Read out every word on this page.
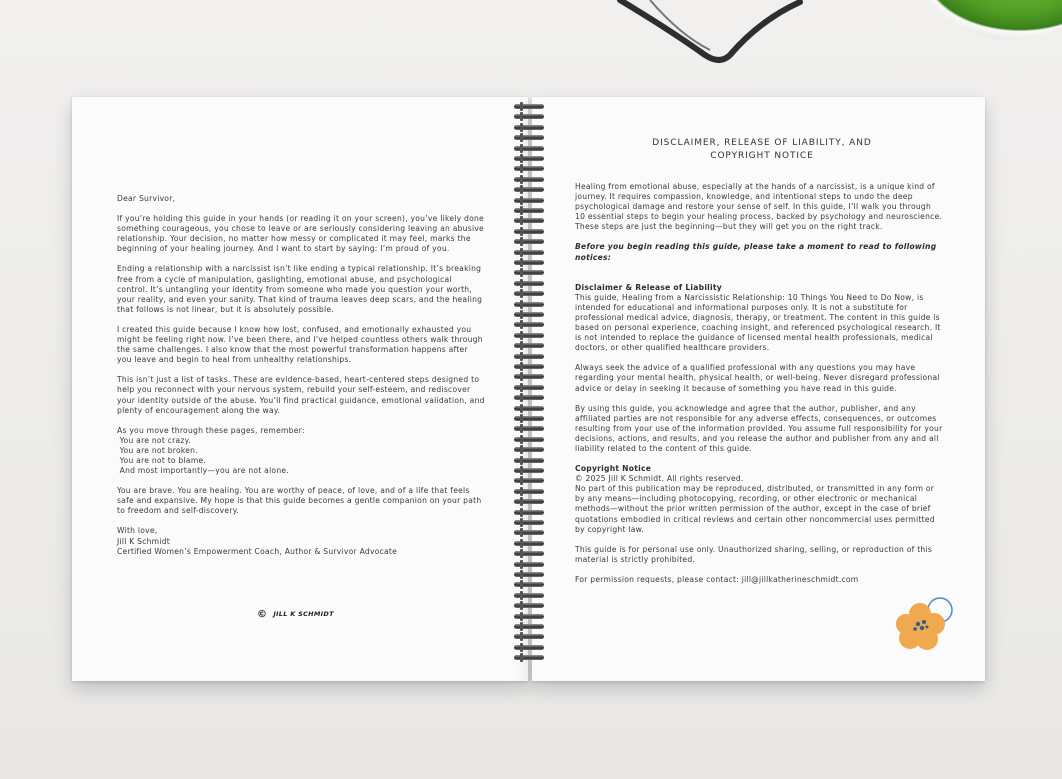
Dear Survivor,

If you’re holding this guide in your hands (or reading it on your screen), you’ve likely done something courageous, you chose to leave or are seriously considering leaving an abusive relationship. Your decision, no matter how messy or complicated it may feel, marks the beginning of your healing journey. And I want to start by saying: I’m proud of you.

Ending a relationship with a narcissist isn’t like ending a typical relationship. It’s breaking free from a cycle of manipulation, gaslighting, emotional abuse, and psychological control. It’s untangling your identity from someone who made you question your worth, your reality, and even your sanity. That kind of trauma leaves deep scars, and the healing that follows is not linear, but it is absolutely possible.

I created this guide because I know how lost, confused, and emotionally exhausted you might be feeling right now. I’ve been there, and I’ve helped countless others walk through the same challenges. I also know that the most powerful transformation happens after you leave and begin to heal from unhealthy relationships.

This isn’t just a list of tasks. These are evidence-based, heart-centered steps designed to help you reconnect with your nervous system, rebuild your self-esteem, and rediscover your identity outside of the abuse. You’ll find practical guidance, emotional validation, and plenty of encouragement along the way.

As you move through these pages, remember:

You are not crazy.

You are not broken.

You are not to blame.

And most importantly—you are not alone.

You are brave. You are healing. You are worthy of peace, of love, and of a life that feels safe and expansive. My hope is that this guide becomes a gentle companion on your path to freedom and self-discovery.

With love,

Jill K Schmidt

Certified Women’s Empowerment Coach, Author & Survivor Advocate

© JILL K SCHMIDT
DISCLAIMER, RELEASE OF LIABILITY, AND
COPYRIGHT NOTICE

Healing from emotional abuse, especially at the hands of a narcissist, is a unique kind of journey. It requires compassion, knowledge, and intentional steps to undo the deep psychological damage and restore your sense of self. In this guide, I’ll walk you through 10 essential steps to begin your healing process, backed by psychology and neuroscience. These steps are just the beginning—but they will get you on the right track.

Before you begin reading this guide, please take a moment to read to following notices:

Disclaimer & Release of Liability

This guide, Healing from a Narcissistic Relationship: 10 Things You Need to Do Now, is intended for educational and informational purposes only. It is not a substitute for professional medical advice, diagnosis, therapy, or treatment. The content in this guide is based on personal experience, coaching insight, and referenced psychological research. It is not intended to replace the guidance of licensed mental health professionals, medical doctors, or other qualified healthcare providers.

Always seek the advice of a qualified professional with any questions you may have regarding your mental health, physical health, or well-being. Never disregard professional advice or delay in seeking it because of something you have read in this guide.

By using this guide, you acknowledge and agree that the author, publisher, and any affiliated parties are not responsible for any adverse effects, consequences, or outcomes resulting from your use of the information provided. You assume full responsibility for your decisions, actions, and results, and you release the author and publisher from any and all liability related to the content of this guide.

Copyright Notice

© 2025 Jill K Schmidt. All rights reserved.

No part of this publication may be reproduced, distributed, or transmitted in any form or by any means—including photocopying, recording, or other electronic or mechanical methods—without the prior written permission of the author, except in the case of brief quotations embodied in critical reviews and certain other noncommercial uses permitted by copyright law.

This guide is for personal use only. Unauthorized sharing, selling, or reproduction of this material is strictly prohibited.

For permission requests, please contact: jill@jillkatherineschmidt.com
